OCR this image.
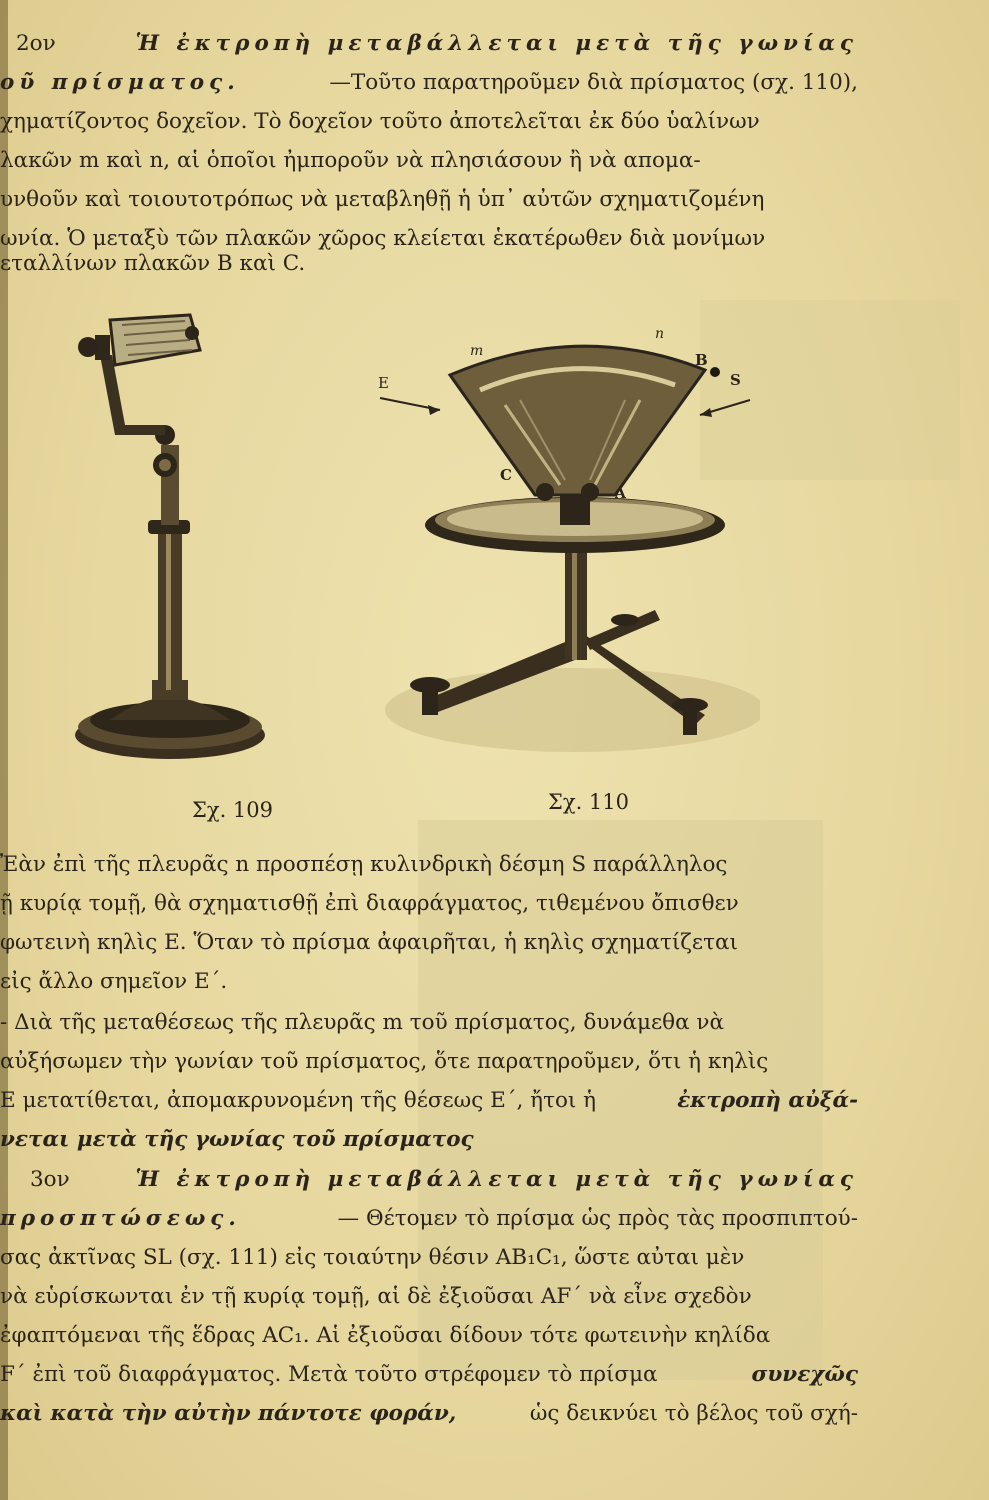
2ον	Ἡ ἐκτροπὴ μεταβάλλεται μετὰ τῆς γωνίας
οῦ πρίσματος.	—Τοῦτο παρατηροῦμεν διὰ πρίσματος (σχ. 110),
χηματίζοντος δοχεῖον. Τὸ δοχεῖον τοῦτο ἀποτελεῖται ἐκ δύο ὑαλίνων
λακῶν m καὶ n, αἱ ὁποῖοι ἠμποροῦν νὰ πλησιάσουν ἢ νὰ απομα-
υνθοῦν καὶ τοιουτοτρόπως νὰ μεταβληθῇ ἡ ὑπ᾿ αὐτῶν σχηματιζομένη
ωνία. Ὁ μεταξὺ τῶν πλακῶν χῶρος κλείεται ἑκατέρωθεν διὰ μονίμων
εταλλίνων πλακῶν B καὶ C.
Σχ. 109
m
n
B
S
E
C
A
Σχ. 110
Ἐὰν ἐπὶ τῆς πλευρᾶς n προσπέσῃ κυλινδρικὴ δέσμη S παράλληλος
ῇ κυρίᾳ τομῇ, θὰ σχηματισθῇ ἐπὶ διαφράγματος, τιθεμένου ὄπισθεν
φωτεινὴ κηλὶς E. Ὅταν τὸ πρίσμα ἀφαιρῆται, ἡ κηλὶς σχηματίζεται
εἰς ἄλλο σημεῖον E΄.
- Διὰ τῆς μεταθέσεως τῆς πλευρᾶς m τοῦ πρίσματος, δυνάμεθα νὰ
αὐξήσωμεν τὴν γωνίαν τοῦ πρίσματος, ὅτε παρατηροῦμεν, ὅτι ἡ κηλὶς
E μετατίθεται, ἀπομακρυνομένη τῆς θέσεως E΄, ἤτοι ἡ	ἐκτροπὴ αὐξά-
νεται μετὰ τῆς γωνίας τοῦ πρίσματος
3ον	Ἡ ἐκτροπὴ μεταβάλλεται μετὰ τῆς γωνίας
προσπτώσεως.	— Θέτομεν τὸ πρίσμα ὡς πρὸς τὰς προσπιπτού-
σας ἀκτῖνας SL (σχ. 111) εἰς τοιαύτην θέσιν AB₁C₁, ὥστε αὐται μὲν
νὰ εὑρίσκωνται ἐν τῇ κυρίᾳ τομῇ, αἱ δὲ ἐξιοῦσαι AF΄ νὰ εἶνε σχεδὸν
ἐφαπτόμεναι τῆς ἕδρας AC₁. Αἱ ἐξιοῦσαι δίδουν τότε φωτεινὴν κηλίδα
F΄ ἐπὶ τοῦ διαφράγματος. Μετὰ τοῦτο στρέφομεν τὸ πρίσμα	συνεχῶς
καὶ κατὰ τὴν αὐτὴν πάντοτε φοράν,	ὡς δεικνύει τὸ βέλος τοῦ σχή-
